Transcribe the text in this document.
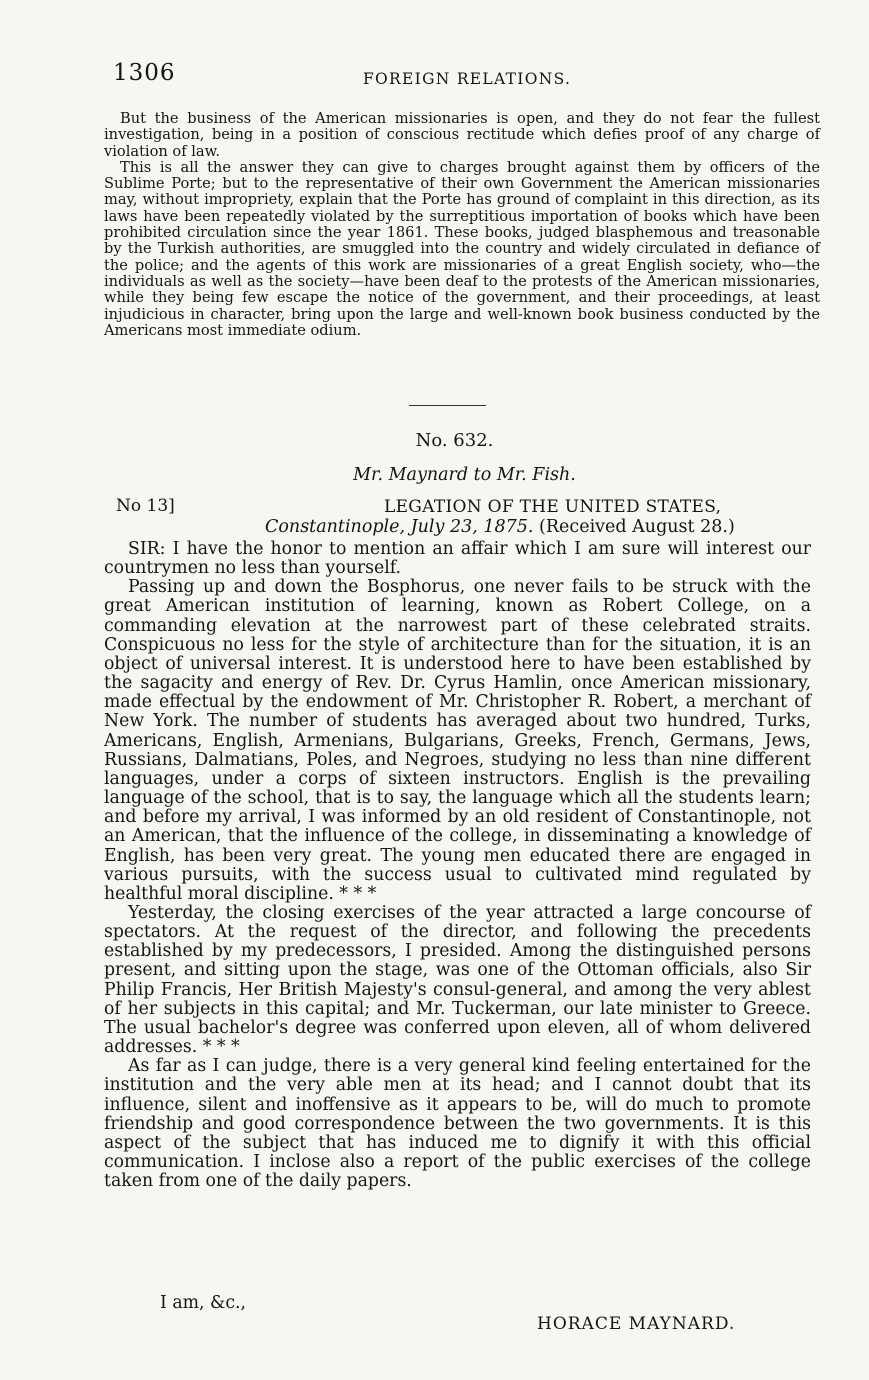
1306	FOREIGN RELATIONS.

But the business of the American missionaries is open, and they do not fear the fullest investigation, being in a position of conscious rectitude which defies proof of any charge of violation of law.

This is all the answer they can give to charges brought against them by officers of the Sublime Porte; but to the representative of their own Government the American missionaries may, without impropriety, explain that the Porte has ground of complaint in this direction, as its laws have been repeatedly violated by the surreptitious importation of books which have been prohibited circulation since the year 1861. These books, judged blasphemous and treasonable by the Turkish authorities, are smuggled into the country and widely circulated in defiance of the police; and the agents of this work are missionaries of a great English society, who—the individuals as well as the society—have been deaf to the protests of the American missionaries, while they being few escape the notice of the government, and their proceedings, at least injudicious in character, bring upon the large and well-known book business conducted by the Americans most immediate odium.

No. 632.
Mr. Maynard to Mr. Fish.
No 13]	LEGATION OF THE UNITED STATES,
Constantinople, July 23, 1875. (Received August 28.)

SIR: I have the honor to mention an affair which I am sure will interest our countrymen no less than yourself.

Passing up and down the Bosphorus, one never fails to be struck with the great American institution of learning, known as Robert College, on a commanding elevation at the narrowest part of these celebrated straits. Conspicuous no less for the style of architecture than for the situation, it is an object of universal interest. It is understood here to have been established by the sagacity and energy of Rev. Dr. Cyrus Hamlin, once American missionary, made effectual by the endowment of Mr. Christopher R. Robert, a merchant of New York. The number of students has averaged about two hundred, Turks, Americans, English, Armenians, Bulgarians, Greeks, French, Germans, Jews, Russians, Dalmatians, Poles, and Negroes, studying no less than nine different languages, under a corps of sixteen instructors. English is the prevailing language of the school, that is to say, the language which all the students learn; and before my arrival, I was informed by an old resident of Constantinople, not an American, that the influence of the college, in disseminating a knowledge of English, has been very great. The young men educated there are engaged in various pursuits, with the success usual to cultivated mind regulated by healthful moral discipline. * * *

Yesterday, the closing exercises of the year attracted a large concourse of spectators. At the request of the director, and following the precedents established by my predecessors, I presided. Among the distinguished persons present, and sitting upon the stage, was one of the Ottoman officials, also Sir Philip Francis, Her British Majesty's consul-general, and among the very ablest of her subjects in this capital; and Mr. Tuckerman, our late minister to Greece. The usual bachelor's degree was conferred upon eleven, all of whom delivered addresses. * * *

As far as I can judge, there is a very general kind feeling entertained for the institution and the very able men at its head; and I cannot doubt that its influence, silent and inoffensive as it appears to be, will do much to promote friendship and good correspondence between the two governments. It is this aspect of the subject that has induced me to dignify it with this official communication. I inclose also a report of the public exercises of the college taken from one of the daily papers.

I am, &c.,
HORACE MAYNARD.
